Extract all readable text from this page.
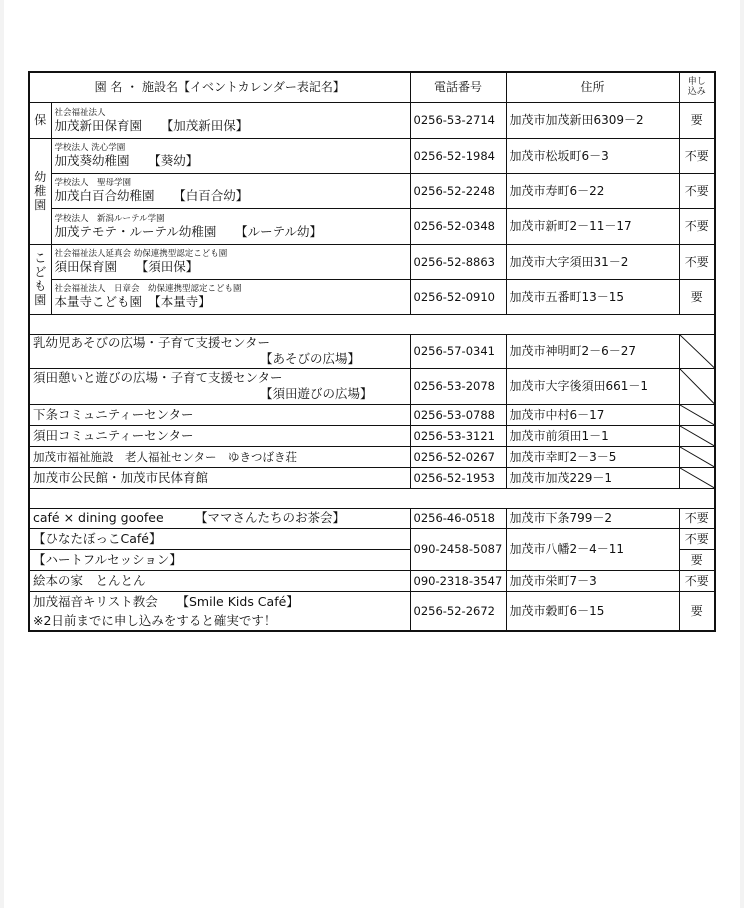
園 名 ・ 施設名【イベントカレンダー表記名】		電話番号	住所	申し
込み

保	社会福祉法人
加茂新田保育園　　【加茂新田保】	0256-53-2714	加茂市加茂新田6309－2	要

幼
稚
園	学校法人 洗心学園
加茂葵幼稚園　　【葵幼】	0256-52-1984	加茂市松坂町6－3	不要

	学校法人　聖母学園
加茂白百合幼稚園　　【白百合幼】	0256-52-2248	加茂市寿町6－22	不要

	学校法人　新潟ルーテル学園
加茂テモテ・ルーテル幼稚園　　【ルーテル幼】	0256-52-0348	加茂市新町2－11－17	不要

こ
ど
も
園	社会福祉法人延真会 幼保連携型認定こども園
須田保育園　　【須田保】	0256-52-8863	加茂市大字須田31－2	不要

	社会福祉法人　日章会　幼保連携型認定こども園
本量寺こども園　【本量寺】	0256-52-0910	加茂市五番町13－15	要

乳幼児あそびの広場・子育て支援センター
【あそびの広場】		0256-57-0341	加茂市神明町2－6－27	

須田憩いと遊びの広場・子育て支援センター
【須田遊びの広場】		0256-53-2078	加茂市大字後須田661－1	

下条コミュニティーセンター		0256-53-0788	加茂市中村6－17	

須田コミュニティーセンター		0256-53-3121	加茂市前須田1－1	

加茂市福祉施設　老人福祉センター　ゆきつばき荘		0256-52-0267	加茂市幸町2－3－5	

加茂市公民館・加茂市民体育館		0256-52-1953	加茂市加茂229－1	

café × dining goofee　　　【ママさんたちのお茶会】		0256-46-0518	加茂市下条799－2	不要
【ひなたぼっこCafé】		090-2458-5087	加茂市八幡2－4－11	不要
【ハートフルセッション】				要
絵本の家　とんとん		090-2318-3547	加茂市栄町7－3	不要

加茂福音キリスト教会　　【Smile Kids Café】
※2日前までに申し込みをすると確実です！		0256-52-2672	加茂市穀町6－15	要
